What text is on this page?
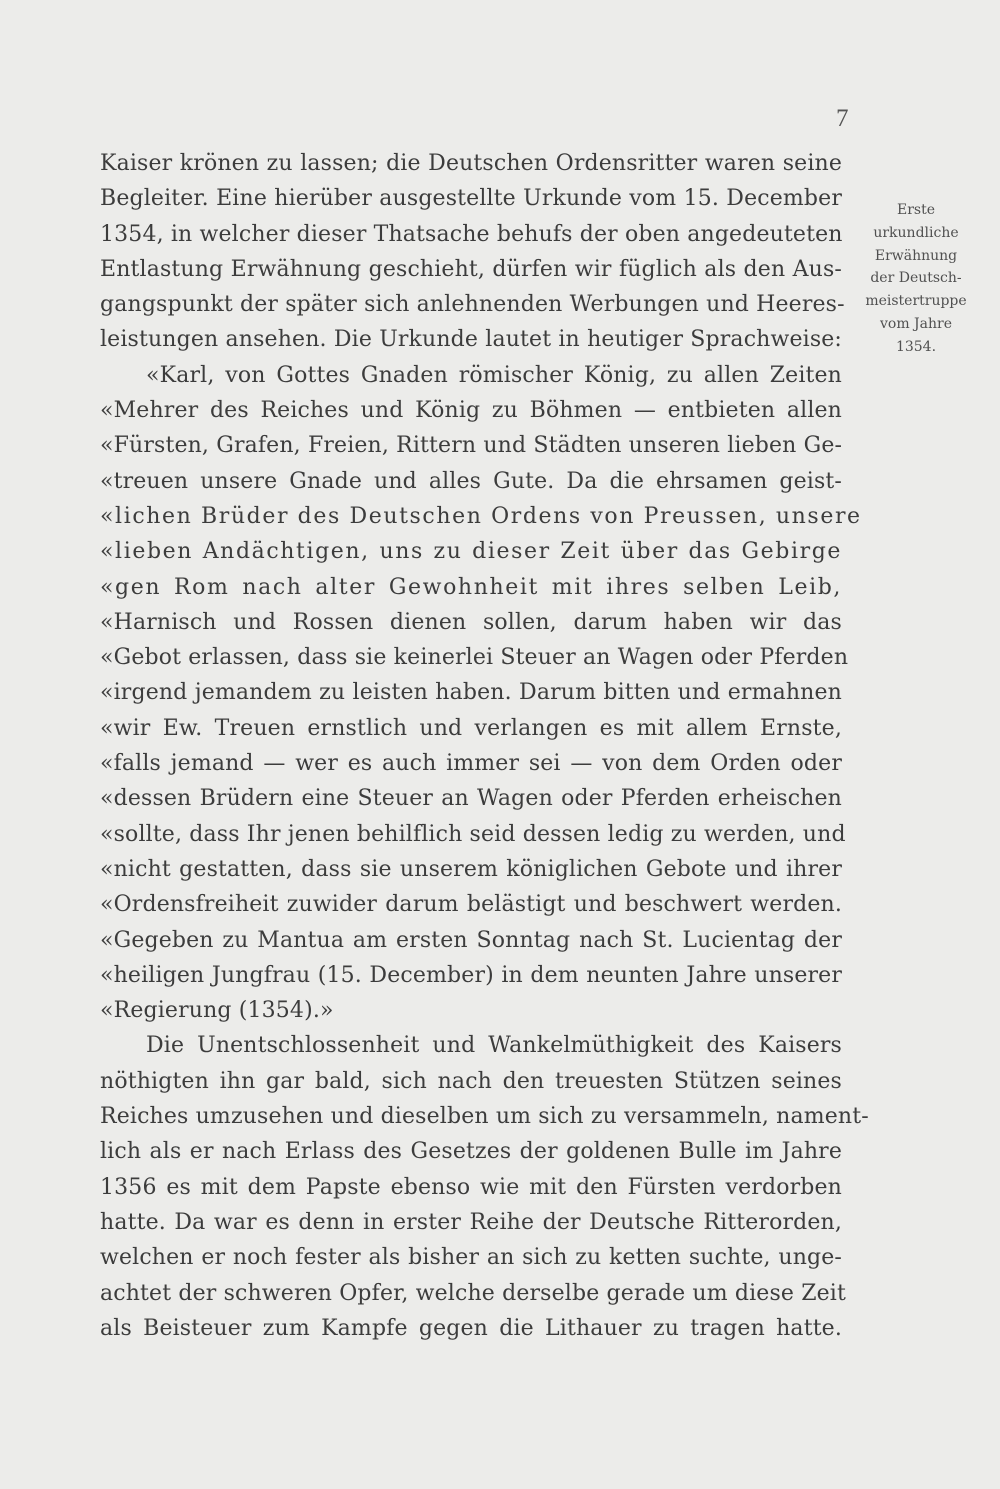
7
Kaiser krönen zu lassen; die Deutschen Ordensritter waren seine
Begleiter. Eine hierüber ausgestellte Urkunde vom 15. December
1354, in welcher dieser Thatsache behufs der oben angedeuteten
Entlastung Erwähnung geschieht, dürfen wir füglich als den Aus-
gangspunkt der später sich anlehnenden Werbungen und Heeres-
leistungen ansehen. Die Urkunde lautet in heutiger Sprachweise:
«Karl, von Gottes Gnaden römischer König, zu allen Zeiten
«Mehrer des Reiches und König zu Böhmen — entbieten allen
«Fürsten, Grafen, Freien, Rittern und Städten unseren lieben Ge-
«treuen unsere Gnade und alles Gute. Da die ehrsamen geist-
«lichen Brüder des Deutschen Ordens von Preussen, unsere
«lieben Andächtigen, uns zu dieser Zeit über das Gebirge
«gen Rom nach alter Gewohnheit mit ihres selben Leib,
«Harnisch und Rossen dienen sollen, darum haben wir das
«Gebot erlassen, dass sie keinerlei Steuer an Wagen oder Pferden
«irgend jemandem zu leisten haben. Darum bitten und ermahnen
«wir Ew. Treuen ernstlich und verlangen es mit allem Ernste,
«falls jemand — wer es auch immer sei — von dem Orden oder
«dessen Brüdern eine Steuer an Wagen oder Pferden erheischen
«sollte, dass Ihr jenen behilflich seid dessen ledig zu werden, und
«nicht gestatten, dass sie unserem königlichen Gebote und ihrer
«Ordensfreiheit zuwider darum belästigt und beschwert werden.
«Gegeben zu Mantua am ersten Sonntag nach St. Lucientag der
«heiligen Jungfrau (15. December) in dem neunten Jahre unserer
«Regierung (1354).»
Die Unentschlossenheit und Wankelmüthigkeit des Kaisers
nöthigten ihn gar bald, sich nach den treuesten Stützen seines
Reiches umzusehen und dieselben um sich zu versammeln, nament-
lich als er nach Erlass des Gesetzes der goldenen Bulle im Jahre
1356 es mit dem Papste ebenso wie mit den Fürsten verdorben
hatte. Da war es denn in erster Reihe der Deutsche Ritterorden,
welchen er noch fester als bisher an sich zu ketten suchte, unge-
achtet der schweren Opfer, welche derselbe gerade um diese Zeit
als Beisteuer zum Kampfe gegen die Lithauer zu tragen hatte.
Erste
urkundliche
Erwähnung
der Deutsch-
meistertruppe
vom Jahre
1354.
